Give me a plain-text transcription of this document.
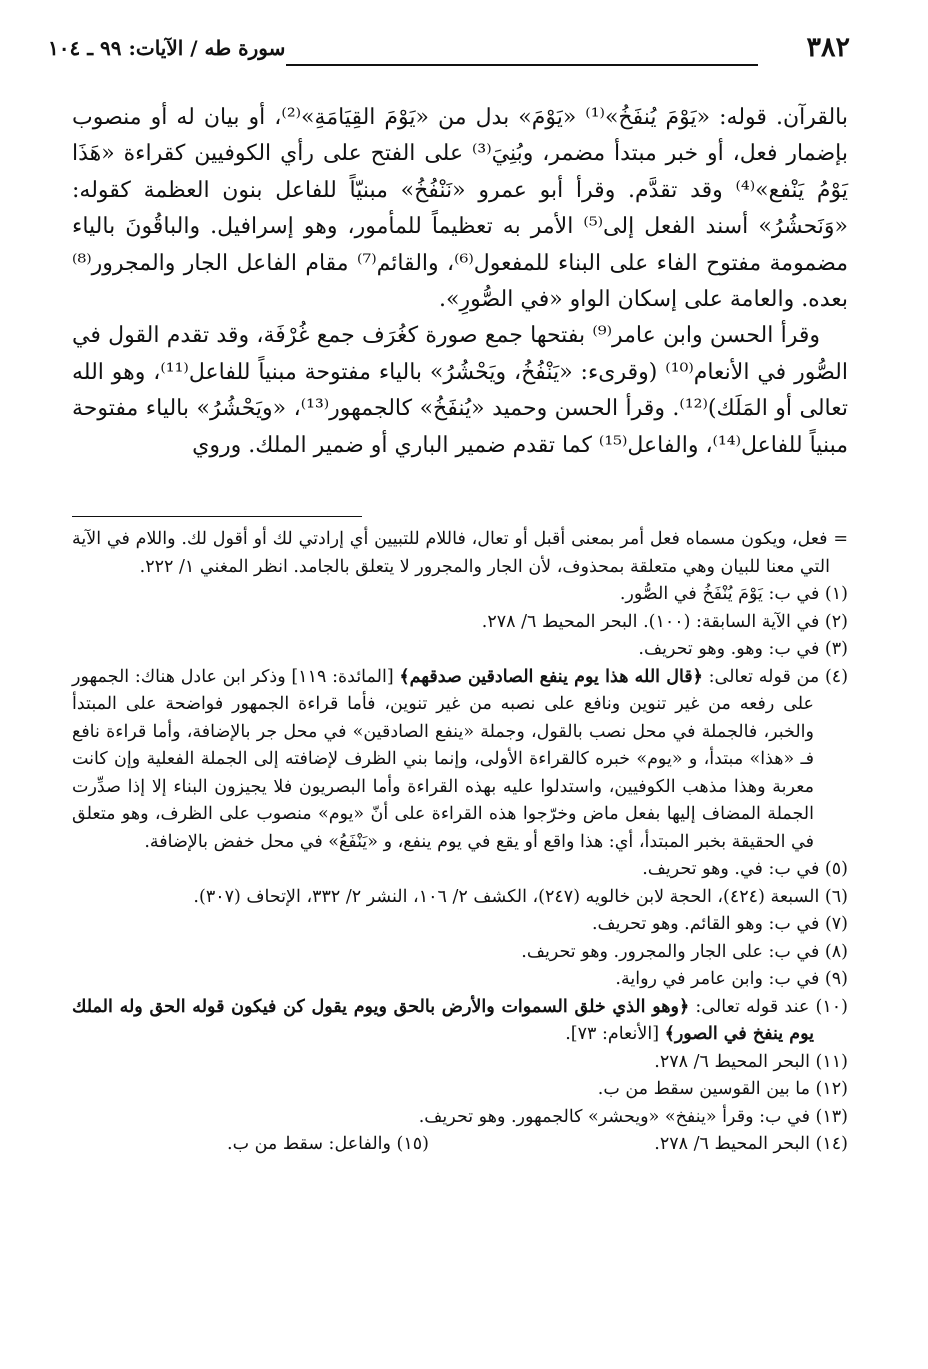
٣٨٢
سورة طه / الآيات: ٩٩ ـ ١٠٤

بالقرآن. قوله: «يَوْمَ يُنفَخُ»⁽¹⁾ «يَوْمَ» بدل من «يَوْمَ القِيَامَةِ»⁽²⁾، أو بيان له أو منصوب بإضمار فعل، أو خبر مبتدأ مضمر، وبُنِيَ⁽³⁾ على الفتح على رأي الكوفيين كقراءة «هَذَا يَوْمُ يَنْفع»⁽⁴⁾ وقد تقدَّم. وقرأ أبو عمرو «نَنْفُخُ» مبنيّاً للفاعل بنون العظمة كقوله: «وَنَحشُرُ» أسند الفعل إلى⁽⁵⁾ الأمر به تعظيماً للمأمور، وهو إسرافيل. والباقُونَ بالياء مضمومة مفتوح الفاء على البناء للمفعول⁽⁶⁾، والقائم⁽⁷⁾ مقام الفاعل الجار والمجرور⁽⁸⁾ بعده. والعامة على إسكان الواو «في الصُّورِ».

وقرأ الحسن وابن عامر⁽⁹⁾ بفتحها جمع صورة كغُرَف جمع غُرْفَة، وقد تقدم القول في الصُّور في الأنعام⁽¹⁰⁾ (وقرىء: «يَنْفُخُ، ويَحْشُرُ» بالياء مفتوحة مبنياً للفاعل⁽¹¹⁾، وهو الله تعالى أو المَلَك)⁽¹²⁾. وقرأ الحسن وحميد «يُنفَخُ» كالجمهور⁽¹³⁾، «ويَحْشُرُ» بالياء مفتوحة مبنياً للفاعل⁽¹⁴⁾، والفاعل⁽¹⁵⁾ كما تقدم ضمير الباري أو ضمير الملك. وروي

= فعل، ويكون مسماه فعل أمر بمعنى أقبل أو تعال، فاللام للتبيين أي إرادتي لك أو أقول لك. واللام في الآية التي معنا للبيان وهي متعلقة بمحذوف، لأن الجار والمجرور لا يتعلق بالجامد. انظر المغني ١/ ٢٢٢.

(١) في ب: يَوْمَ يُنْفَخُ في الصُّور.

(٢) في الآية السابقة: (١٠٠). البحر المحيط ٦/ ٢٧٨.

(٣) في ب: وهو. وهو تحريف.

(٤) من قوله تعالى: ﴿قال الله هذا يوم ينفع الصادقين صدقهم﴾ [المائدة: ١١٩] وذكر ابن عادل هناك: الجمهور على رفعه من غير تنوين ونافع على نصبه من غير تنوين، فأما قراءة الجمهور فواضحة على المبتدأ والخبر، فالجملة في محل نصب بالقول، وجملة «ينفع الصادقين» في محل جر بالإضافة، وأما قراءة نافع فـ «هذا» مبتدأ، و «يوم» خبره كالقراءة الأولى، وإنما بني الظرف لإضافته إلى الجملة الفعلية وإن كانت معربة وهذا مذهب الكوفيين، واستدلوا عليه بهذه القراءة وأما البصريون فلا يجيزون البناء إلا إذا صدِّرت الجملة المضاف إليها بفعل ماض وخرّجوا هذه القراءة على أنّ «يوم» منصوب على الظرف، وهو متعلق في الحقيقة بخبر المبتدأ، أي: هذا واقع أو يقع في يوم ينفع، و «يَنْفَعُ» في محل خفض بالإضافة.

(٥) في ب: في. وهو تحريف.

(٦) السبعة (٤٢٤)، الحجة لابن خالويه (٢٤٧)، الكشف ٢/ ١٠٦، النشر ٢/ ٣٣٢، الإتحاف (٣٠٧).

(٧) في ب: وهو القائم. وهو تحريف.

(٨) في ب: على الجار والمجرور. وهو تحريف.

(٩) في ب: وابن عامر في رواية.

(١٠) عند قوله تعالى: ﴿وهو الذي خلق السموات والأرض بالحق ويوم يقول كن فيكون قوله الحق وله الملك يوم ينفخ في الصور﴾ [الأنعام: ٧٣].

(١١) البحر المحيط ٦/ ٢٧٨.

(١٢) ما بين القوسين سقط من ب.

(١٣) في ب: وقرأ «ينفخ» «ويحشر» كالجمهور. وهو تحريف.

(١٤) البحر المحيط ٦/ ٢٧٨.
(١٥) والفاعل: سقط من ب.
